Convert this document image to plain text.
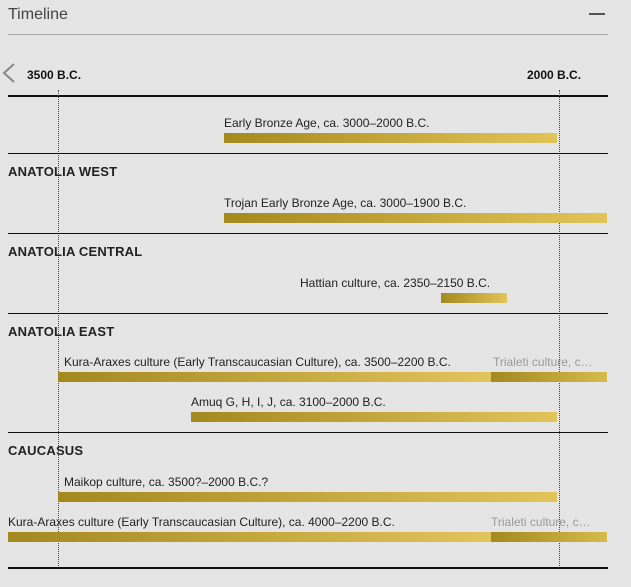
Timeline
3500 B.C.	2000 B.C.
Early Bronze Age, ca. 3000–2000 B.C.
ANATOLIA WEST
Trojan Early Bronze Age, ca. 3000–1900 B.C.
ANATOLIA CENTRAL
Hattian culture, ca. 2350–2150 B.C.
ANATOLIA EAST
Kura-Araxes culture (Early Transcaucasian Culture), ca. 3500–2200 B.C.	Trialeti culture, c…
Amuq G, H, I, J, ca. 3100–2000 B.C.
CAUCASUS
Maikop culture, ca. 3500?–2000 B.C.?
Kura-Araxes culture (Early Transcaucasian Culture), ca. 4000–2200 B.C.	Trialeti culture, c…
